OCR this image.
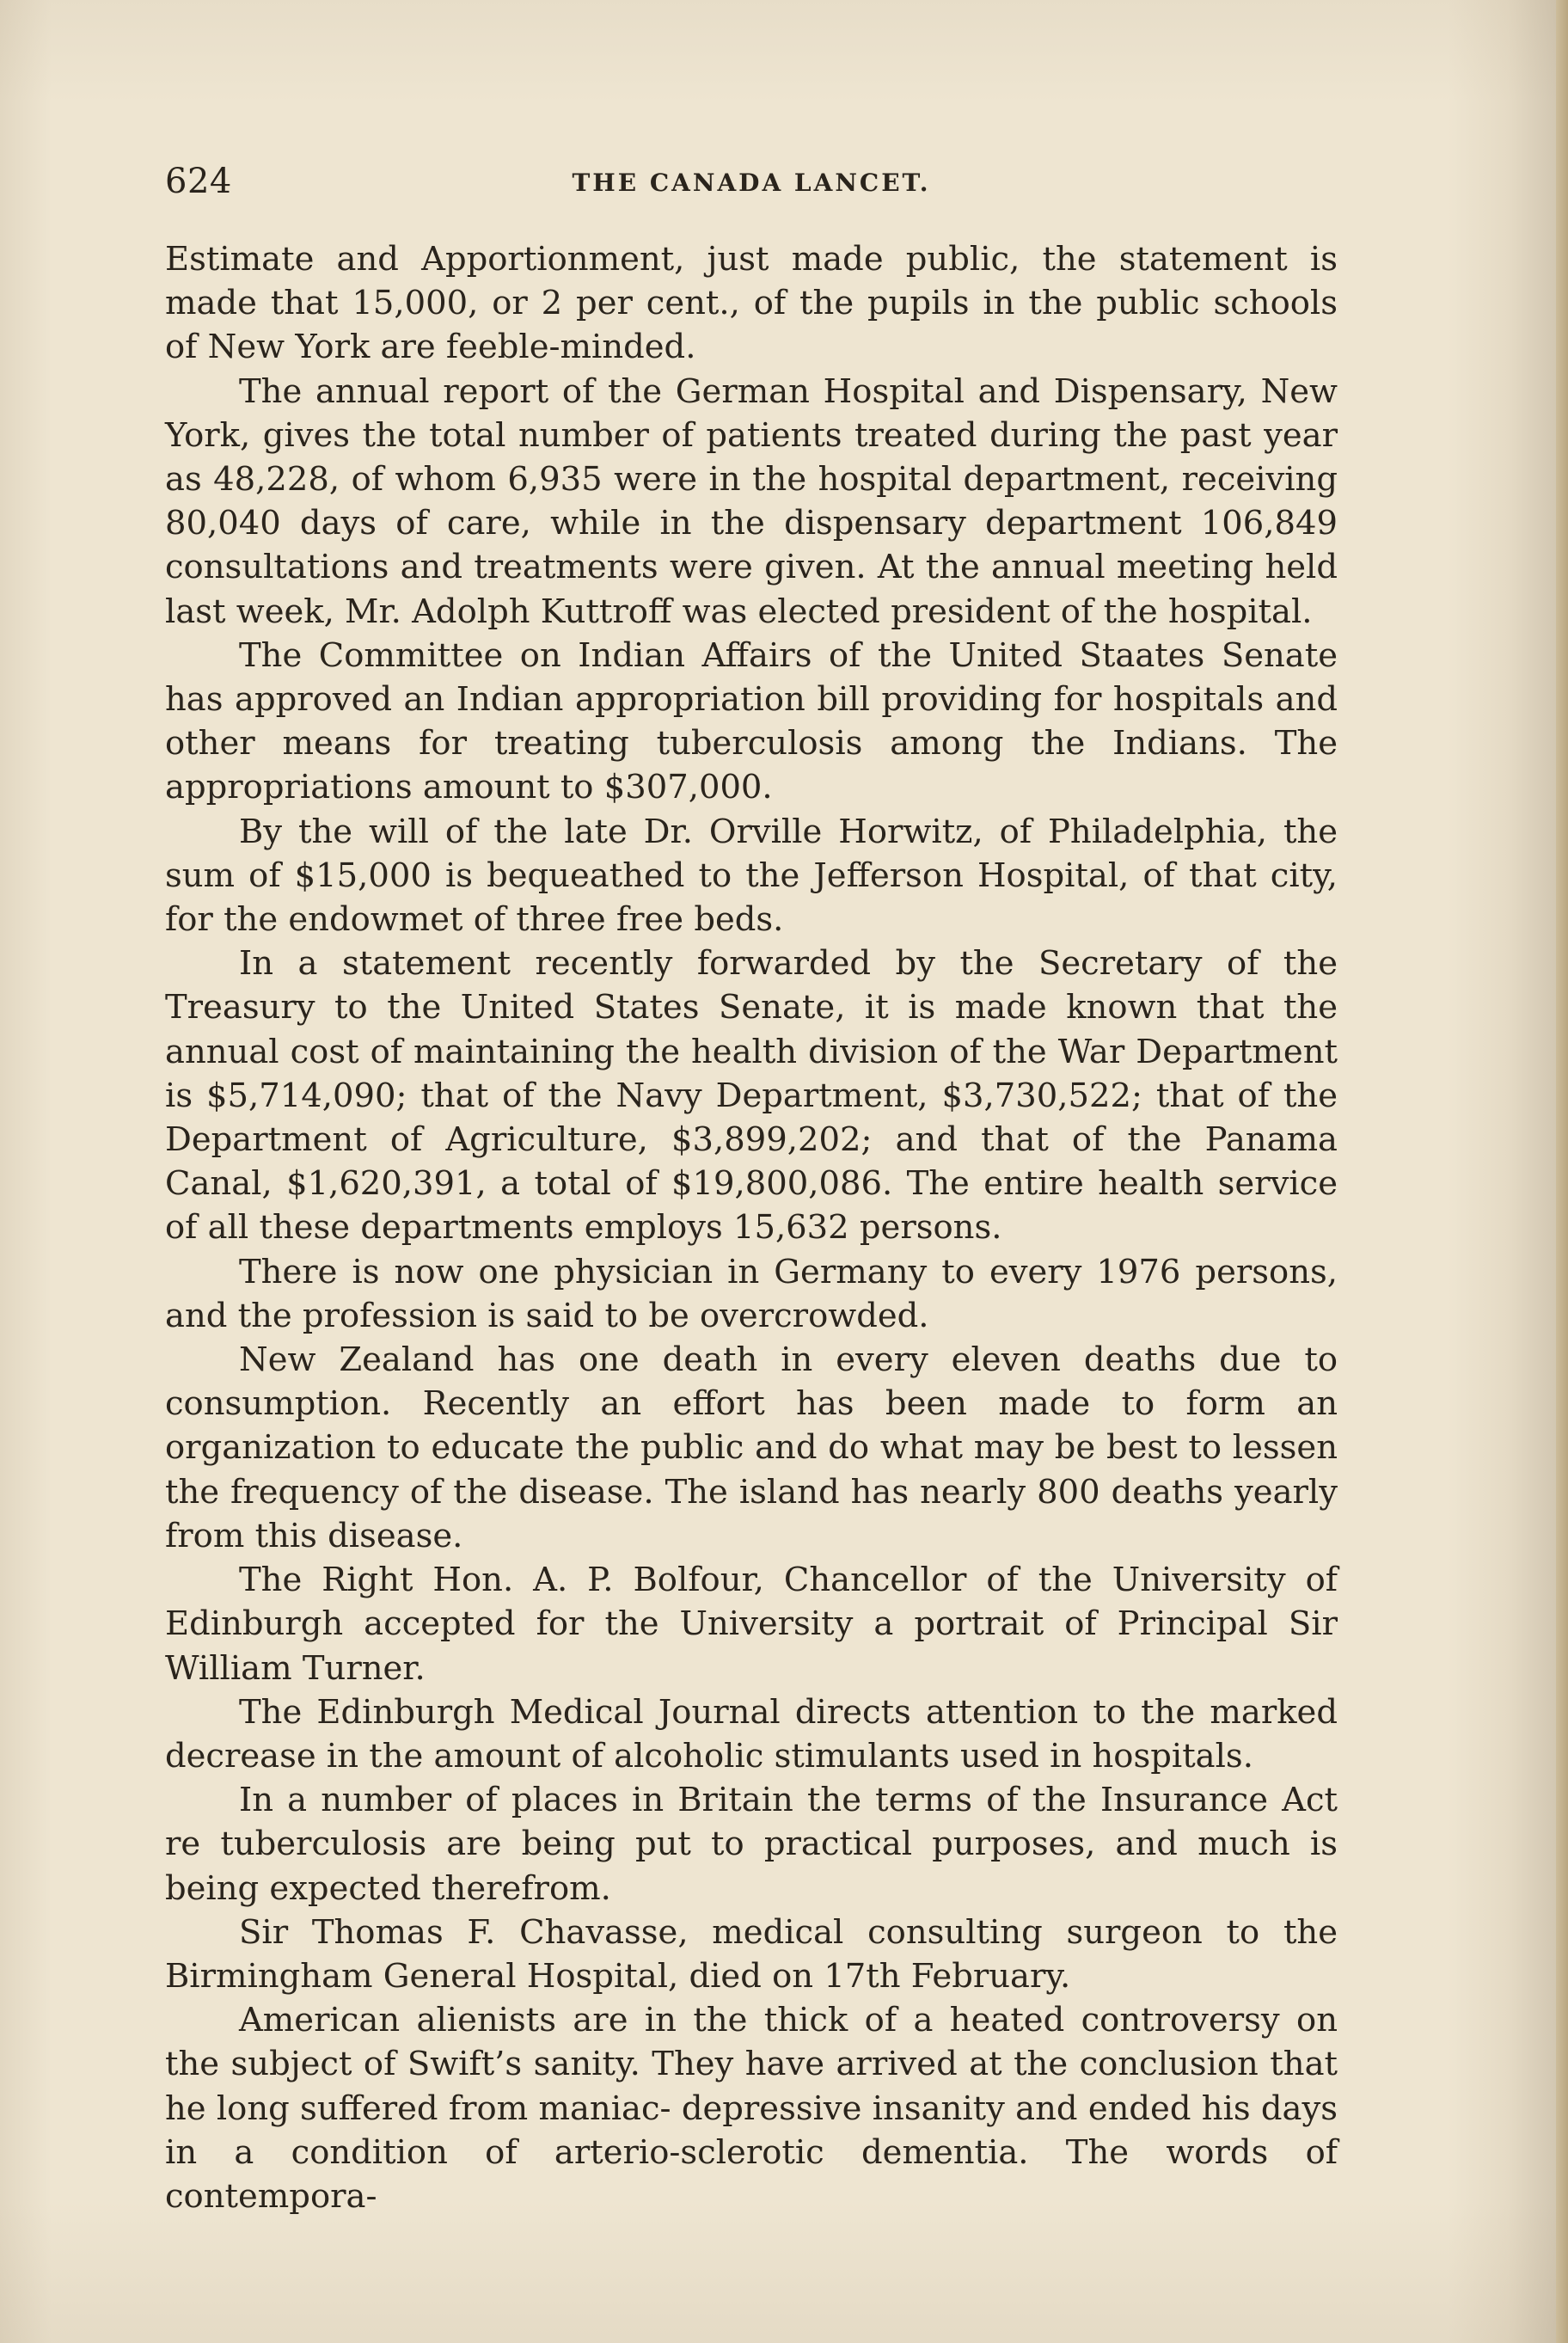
624	THE CANADA LANCET.

Estimate and Apportionment, just made public, the statement is made that 15,000, or 2 per cent., of the pupils in the public schools of New York are feeble-minded.

The annual report of the German Hospital and Dispensary, New York, gives the total number of patients treated during the past year as 48,228, of whom 6,935 were in the hospital department, receiving 80,040 days of care, while in the dispensary department 106,849 consultations and treatments were given. At the annual meeting held last week, Mr. Adolph Kuttroff was elected president of the hospital.

The Committee on Indian Affairs of the United Staates Senate has approved an Indian appropriation bill providing for hospitals and other means for treating tuberculosis among the Indians. The appropriations amount to $307,000.

By the will of the late Dr. Orville Horwitz, of Philadelphia, the sum of $15,000 is bequeathed to the Jefferson Hospital, of that city, for the endowmet of three free beds.

In a statement recently forwarded by the Secretary of the Treasury to the United States Senate, it is made known that the annual cost of maintaining the health division of the War Department is $5,714,090; that of the Navy Department, $3,730,522; that of the Department of Agriculture, $3,899,202; and that of the Panama Canal, $1,620,391, a total of $19,800,086. The entire health service of all these departments employs 15,632 persons.

There is now one physician in Germany to every 1976 persons, and the profession is said to be overcrowded.

New Zealand has one death in every eleven deaths due to consumption. Recently an effort has been made to form an organization to educate the public and do what may be best to lessen the frequency of the disease. The island has nearly 800 deaths yearly from this disease.

The Right Hon. A. P. Bolfour, Chancellor of the University of Edinburgh accepted for the University a portrait of Principal Sir William Turner.

The Edinburgh Medical Journal directs attention to the marked decrease in the amount of alcoholic stimulants used in hospitals.

In a number of places in Britain the terms of the Insurance Act re tuberculosis are being put to practical purposes, and much is being expected therefrom.

Sir Thomas F. Chavasse, medical consulting surgeon to the Birmingham General Hospital, died on 17th February.

American alienists are in the thick of a heated controversy on the subject of Swift’s sanity. They have arrived at the conclusion that he long suffered from maniac- depressive insanity and ended his days in a condition of arterio-sclerotic dementia. The words of contempora-
